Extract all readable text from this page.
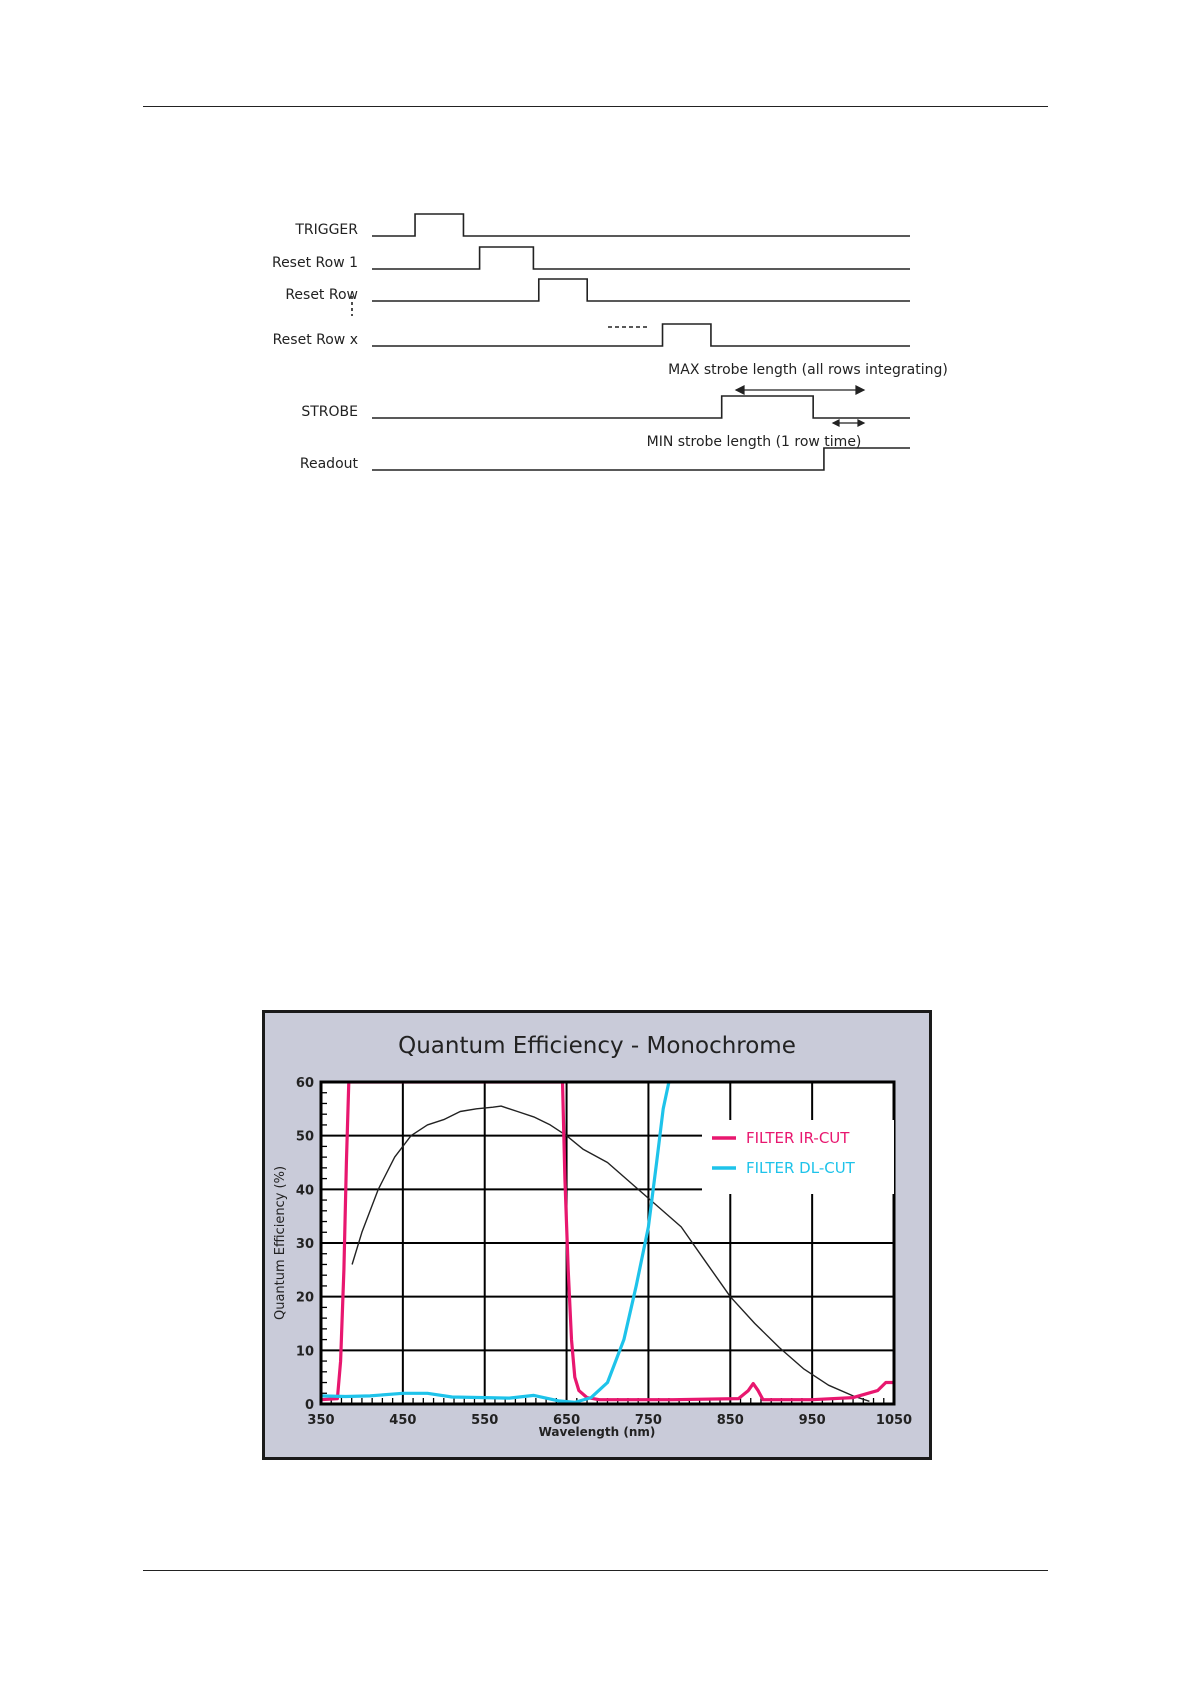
TRIGGER
Reset Row 1
Reset Row
Reset Row x
STROBE
Readout
MAX strobe length (all rows integrating)
MIN strobe length (1 row time)
Quantum Efficiency - Monochrome
0
10
20
30
40
50
60
350	450	550	650	750	850	950	1050
Wavelength (nm)
Quantum Efficiency (%)
FILTER IR-CUT
FILTER DL-CUT
